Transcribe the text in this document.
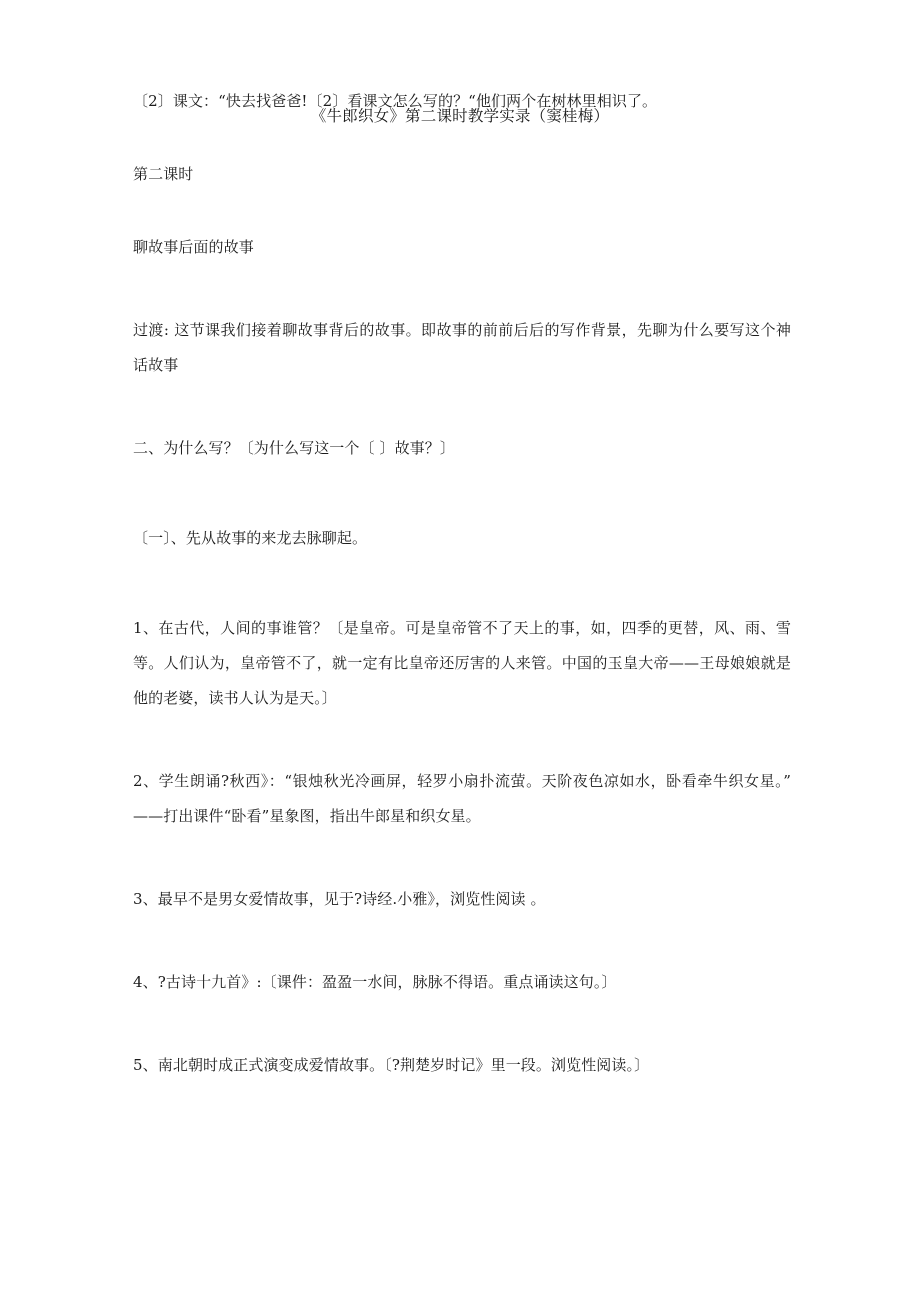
《牛郎织女》第二课时教学实录（窦桂梅）

〔2〕课文：“快去找爸爸!〔2〕看课文怎么写的？“他们两个在树林里相识了。

第二课时

聊故事后面的故事

过渡: 这节课我们接着聊故事背后的故事。即故事的前前后后的写作背景，先聊为什么要写这个神话故事

二、为什么写？〔为什么写这一个〔 〕故事？〕

〔一〕、先从故事的来龙去脉聊起。

1、在古代，人间的事谁管？〔是皇帝。可是皇帝管不了天上的事，如，四季的更替，风、雨、雪等。人们认为，皇帝管不了，就一定有比皇帝还厉害的人来管。中国的玉皇大帝——王母娘娘就是他的老婆，读书人认为是天。〕

2、学生朗诵?秋西》：“银烛秋光冷画屏，轻罗小扇扑流萤。天阶夜色凉如水，卧看牵牛织女星。”——打出课件“卧看”星象图，指出牛郎星和织女星。

3、最早不是男女爱情故事，见于?诗经.小雅》，浏览性阅读 。

4、?古诗十九首》:〔课件：盈盈一水间，脉脉不得语。重点诵读这句。〕

5、南北朝时成正式演变成爱情故事。〔?荆楚岁时记》里一段。浏览性阅读。〕
